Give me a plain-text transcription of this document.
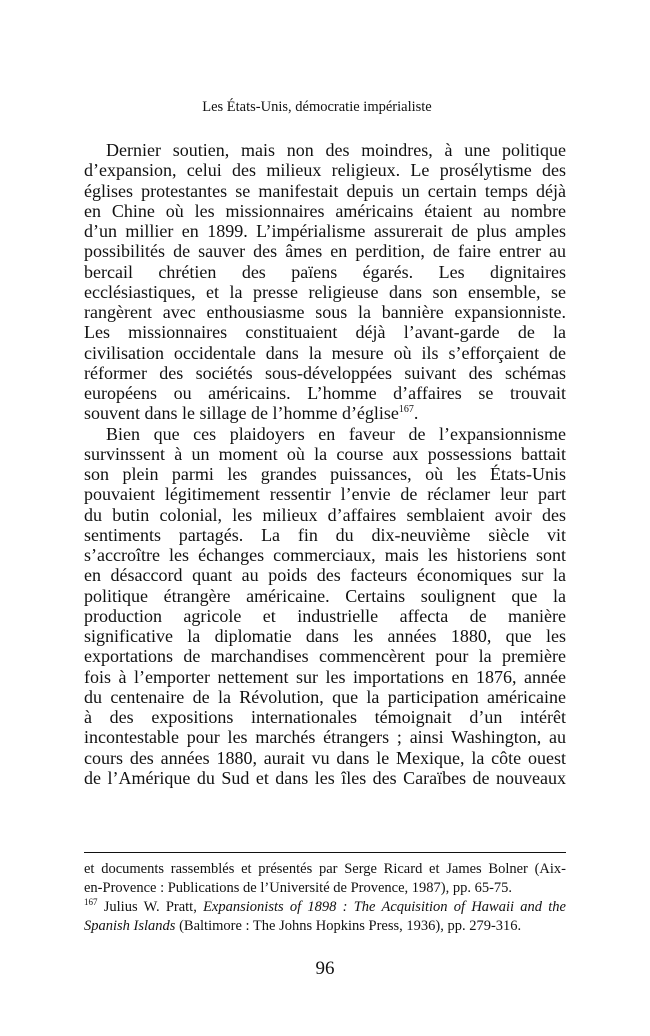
Les États-Unis, démocratie impérialiste
Dernier soutien, mais non des moindres, à une politique
d’expansion, celui des milieux religieux. Le prosélytisme des
églises protestantes se manifestait depuis un certain temps déjà
en Chine où les missionnaires américains étaient au nombre
d’un millier en 1899. L’impérialisme assurerait de plus amples
possibilités de sauver des âmes en perdition, de faire entrer au
bercail chrétien des païens égarés. Les dignitaires
ecclésiastiques, et la presse religieuse dans son ensemble, se
rangèrent avec enthousiasme sous la bannière expansionniste.
Les missionnaires constituaient déjà l’avant-garde de la
civilisation occidentale dans la mesure où ils s’efforçaient de
réformer des sociétés sous-développées suivant des schémas
européens ou américains. L’homme d’affaires se trouvait
souvent dans le sillage de l’homme d’église$^{167}$.
Bien que ces plaidoyers en faveur de l’expansionnisme
survinssent à un moment où la course aux possessions battait
son plein parmi les grandes puissances, où les États-Unis
pouvaient légitimement ressentir l’envie de réclamer leur part
du butin colonial, les milieux d’affaires semblaient avoir des
sentiments partagés. La fin du dix-neuvième siècle vit
s’accroître les échanges commerciaux, mais les historiens sont
en désaccord quant au poids des facteurs économiques sur la
politique étrangère américaine. Certains soulignent que la
production agricole et industrielle affecta de manière
significative la diplomatie dans les années 1880, que les
exportations de marchandises commencèrent pour la première
fois à l’emporter nettement sur les importations en 1876, année
du centenaire de la Révolution, que la participation américaine
à des expositions internationales témoignait d’un intérêt
incontestable pour les marchés étrangers ; ainsi Washington, au
cours des années 1880, aurait vu dans le Mexique, la côte ouest
de l’Amérique du Sud et dans les îles des Caraïbes de nouveaux
et documents rassemblés et présentés par Serge Ricard et James Bolner (Aix-
en-Provence : Publications de l’Université de Provence, 1987), pp. 65-75.
$^{167}$ Julius W. Pratt, Expansionists of 1898 : The Acquisition of Hawaii and the
Spanish Islands (Baltimore : The Johns Hopkins Press, 1936), pp. 279-316.
96
